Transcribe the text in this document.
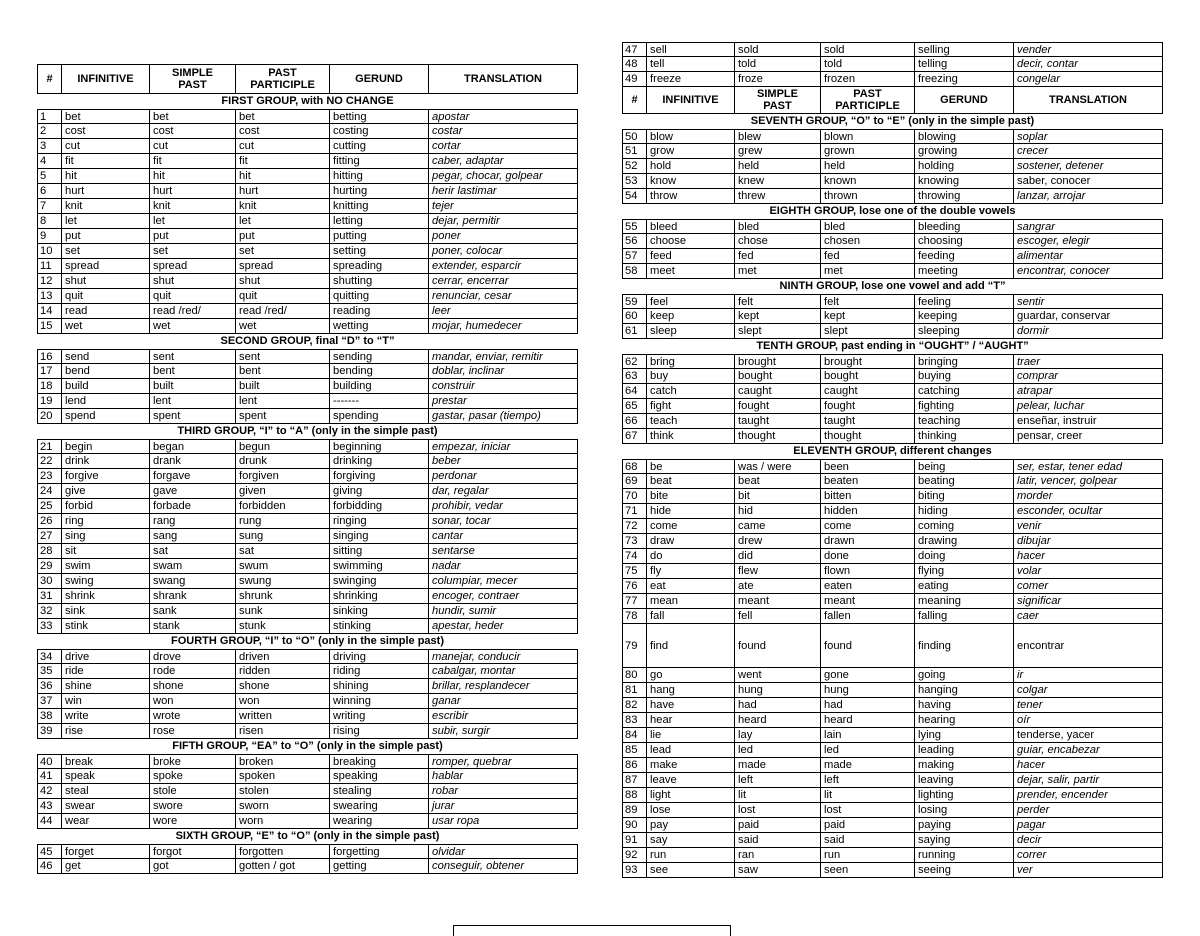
#	INFINITIVE	SIMPLE
PAST
PAST
PARTICIPLE	GERUND	TRANSLATION
FIRST GROUP, with NO CHANGE
1	bet	bet	bet	betting	apostar
2	cost	cost	cost	costing	costar
3	cut	cut	cut	cutting	cortar
4	fit	fit	fit	fitting	caber, adaptar
5	hit	hit	hit	hitting	pegar, chocar, golpear
6	hurt	hurt	hurt	hurting	herir lastimar
7	knit	knit	knit	knitting	tejer
8	let	let	let	letting	dejar, permitir
9	put	put	put	putting	poner
10	set	set	set	setting	poner, colocar
11	spread	spread	spread	spreading	extender, esparcir
12	shut	shut	shut	shutting	cerrar, encerrar
13	quit	quit	quit	quitting	renunciar, cesar
14	read	read /red/	read /red/	reading	leer
15	wet	wet	wet	wetting	mojar, humedecer
SECOND GROUP, final “D” to “T”
16	send	sent	sent	sending	mandar, enviar, remitir
17	bend	bent	bent	bending	doblar, inclinar
18	build	built	built	building	construir
19	lend	lent	lent	-------	prestar
20	spend	spent	spent	spending	gastar, pasar (tiempo)
THIRD GROUP, “I” to “A” (only in the simple past)
21	begin	began	begun	beginning	empezar, iniciar
22	drink	drank	drunk	drinking	beber
23	forgive	forgave	forgiven	forgiving	perdonar
24	give	gave	given	giving	dar, regalar
25	forbid	forbade	forbidden	forbidding	prohibir, vedar
26	ring	rang	rung	ringing	sonar, tocar
27	sing	sang	sung	singing	cantar
28	sit	sat	sat	sitting	sentarse
29	swim	swam	swum	swimming	nadar
30	swing	swang	swung	swinging	columpiar, mecer
31	shrink	shrank	shrunk	shrinking	encoger, contraer
32	sink	sank	sunk	sinking	hundir, sumir
33	stink	stank	stunk	stinking	apestar, heder
FOURTH GROUP, “I” to “O” (only in the simple past)
34	drive	drove	driven	driving	manejar, conducir
35	ride	rode	ridden	riding	cabalgar, montar
36	shine	shone	shone	shining	brillar, resplandecer
37	win	won	won	winning	ganar
38	write	wrote	written	writing	escribir
39	rise	rose	risen	rising	subir, surgir
FIFTH GROUP, “EA” to “O” (only in the simple past)
40	break	broke	broken	breaking	romper, quebrar
41	speak	spoke	spoken	speaking	hablar
42	steal	stole	stolen	stealing	robar
43	swear	swore	sworn	swearing	jurar
44	wear	wore	worn	wearing	usar ropa
SIXTH GROUP, “E” to “O” (only in the simple past)
45	forget	forgot	forgotten	forgetting	olvidar
46	get	got	gotten / got	getting	conseguir, obtener
47	sell	sold	sold	selling	vender
48	tell	told	told	telling	decir, contar
49	freeze	froze	frozen	freezing	congelar
#	INFINITIVE	SIMPLE
PAST
PAST
PARTICIPLE	GERUND	TRANSLATION
SEVENTH GROUP, “O” to “E” (only in the simple past)
50	blow	blew	blown	blowing	soplar
51	grow	grew	grown	growing	crecer
52	hold	held	held	holding	sostener, detener
53	know	knew	known	knowing	saber, conocer
54	throw	threw	thrown	throwing	lanzar, arrojar
EIGHTH GROUP, lose one of the double vowels
55	bleed	bled	bled	bleeding	sangrar
56	choose	chose	chosen	choosing	escoger, elegir
57	feed	fed	fed	feeding	alimentar
58	meet	met	met	meeting	encontrar, conocer
NINTH GROUP, lose one vowel and add “T”
59	feel	felt	felt	feeling	sentir
60	keep	kept	kept	keeping	guardar, conservar
61	sleep	slept	slept	sleeping	dormir
TENTH GROUP, past ending in “OUGHT” / “AUGHT”
62	bring	brought	brought	bringing	traer
63	buy	bought	bought	buying	comprar
64	catch	caught	caught	catching	atrapar
65	fight	fought	fought	fighting	pelear, luchar
66	teach	taught	taught	teaching	enseñar, instruir
67	think	thought	thought	thinking	pensar, creer
ELEVENTH GROUP, different changes
68	be	was / were	been	being	ser, estar, tener edad
69	beat	beat	beaten	beating	latir, vencer, golpear
70	bite	bit	bitten	biting	morder
71	hide	hid	hidden	hiding	esconder, ocultar
72	come	came	come	coming	venir
73	draw	drew	drawn	drawing	dibujar
74	do	did	done	doing	hacer
75	fly	flew	flown	flying	volar
76	eat	ate	eaten	eating	comer
77	mean	meant	meant	meaning	significar
78	fall	fell	fallen	falling	caer
79	find	found	found	finding	encontrar
80	go	went	gone	going	ir
81	hang	hung	hung	hanging	colgar
82	have	had	had	having	tener
83	hear	heard	heard	hearing	oír
84	lie	lay	lain	lying	tenderse, yacer
85	lead	led	led	leading	guiar, encabezar
86	make	made	made	making	hacer
87	leave	left	left	leaving	dejar, salir, partir
88	light	lit	lit	lighting	prender, encender
89	lose	lost	lost	losing	perder
90	pay	paid	paid	paying	pagar
91	say	said	said	saying	decir
92	run	ran	run	running	correr
93	see	saw	seen	seeing	ver
